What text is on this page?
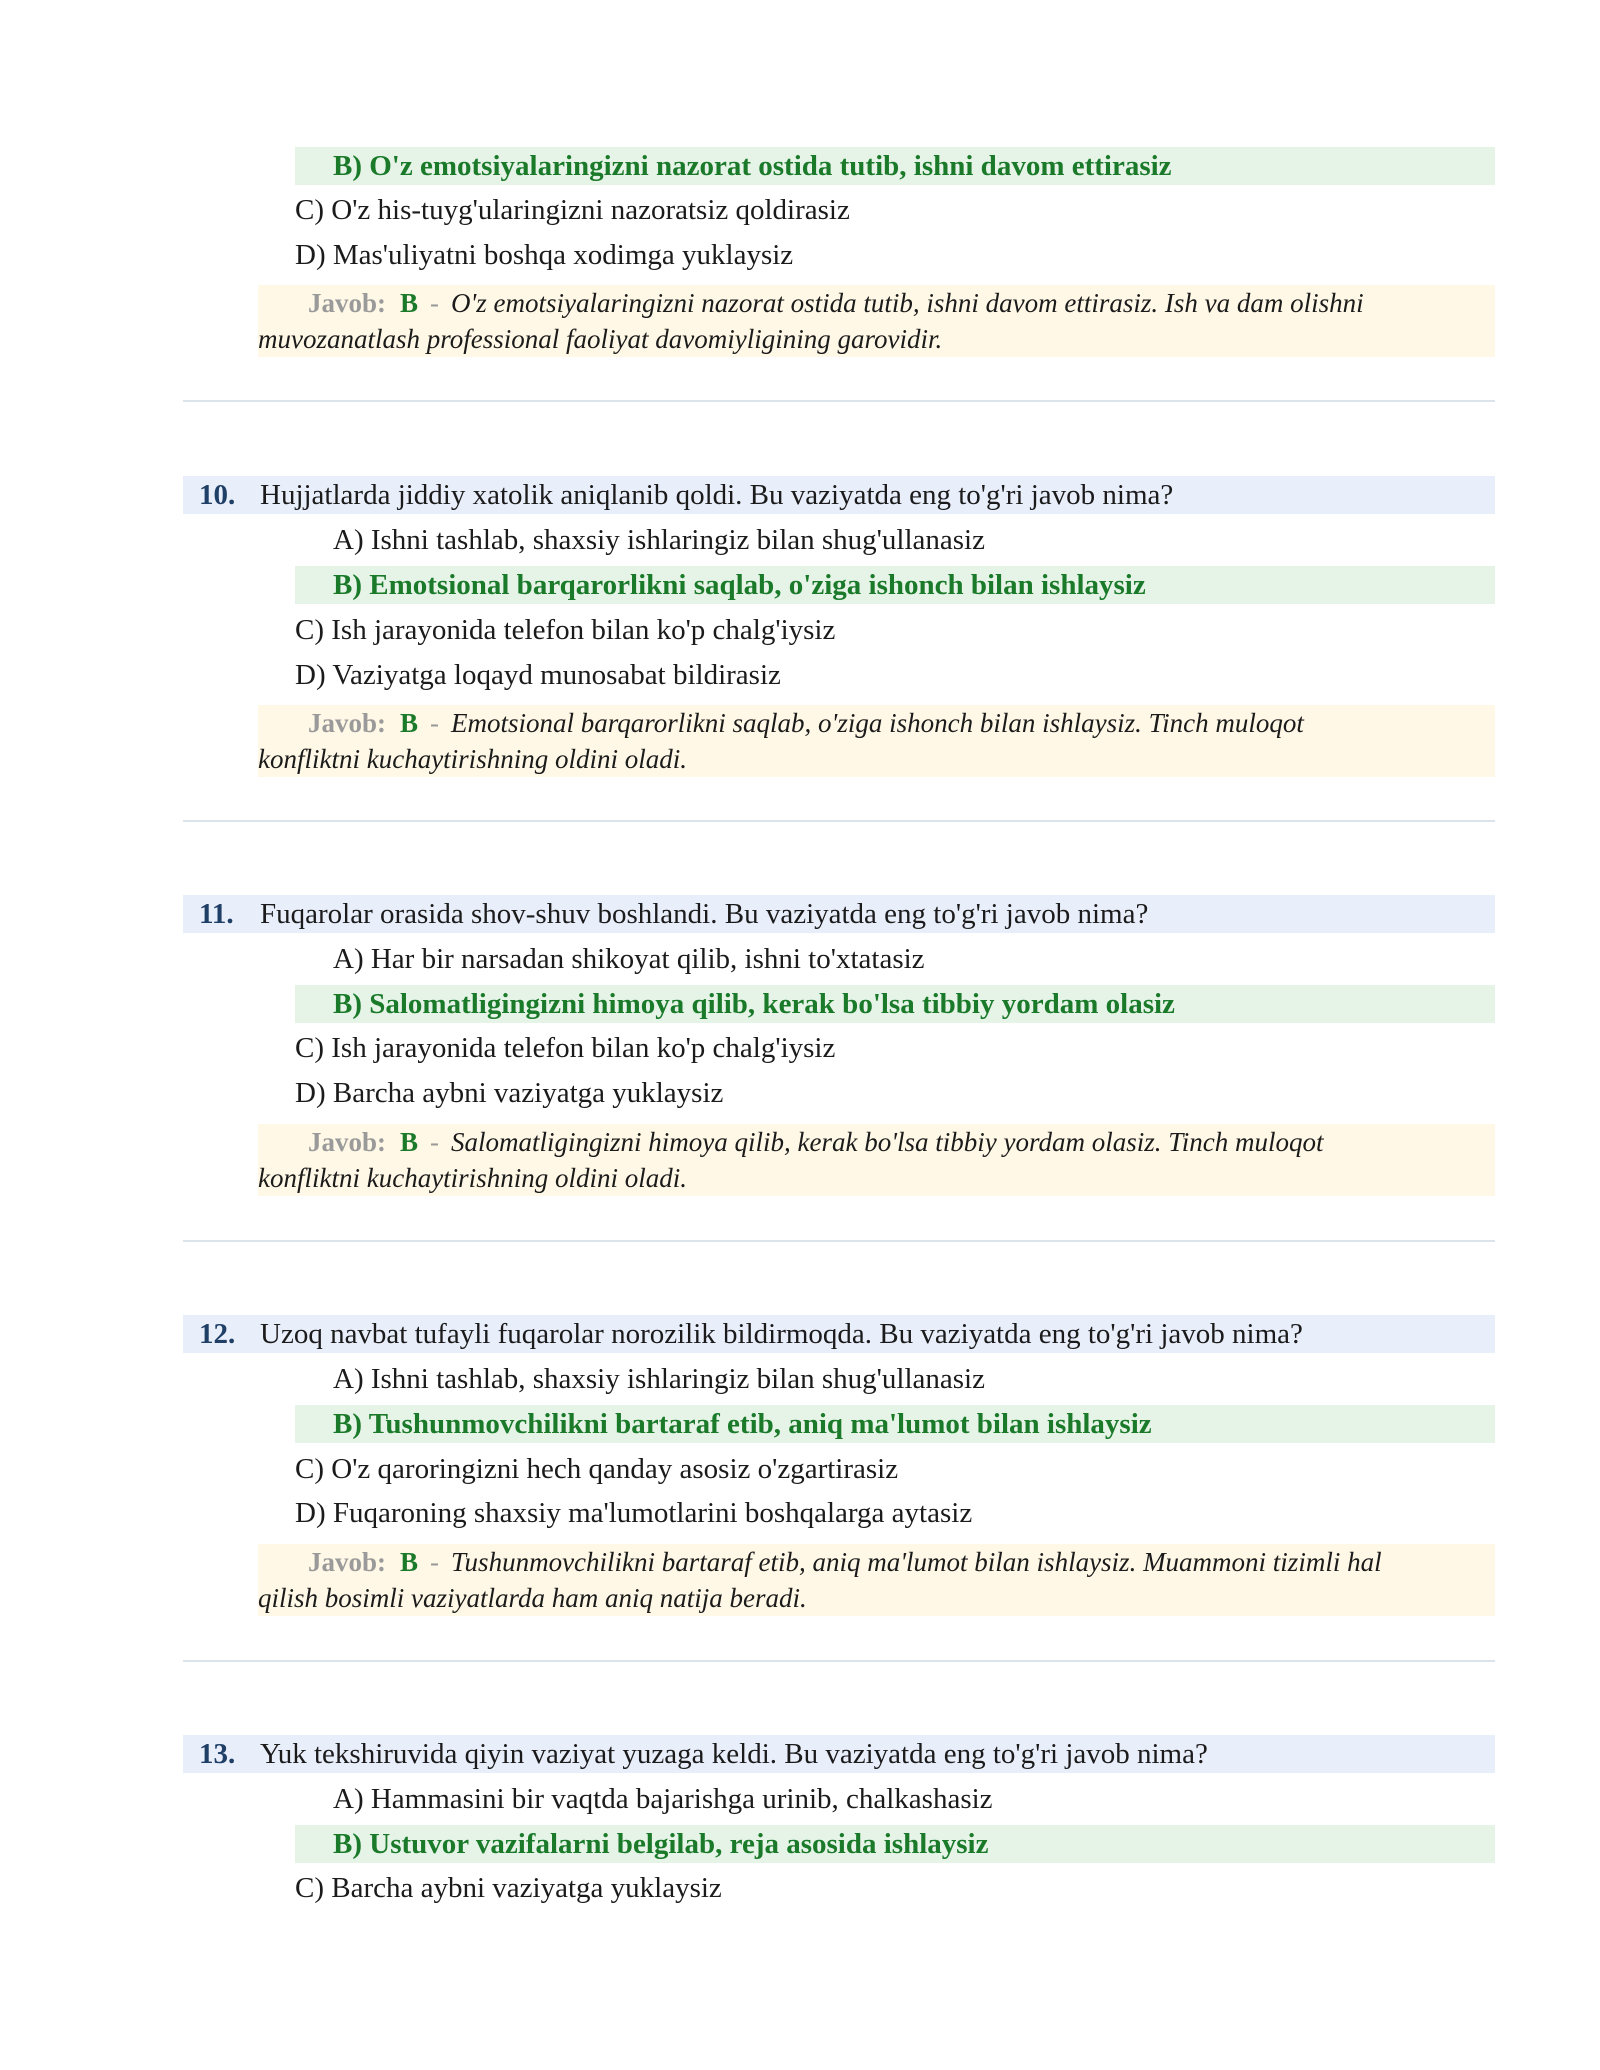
B) O'z emotsiyalaringizni nazorat ostida tutib, ishni davom ettirasiz
C) O'z his-tuyg'ularingizni nazoratsiz qoldirasiz
D) Mas'uliyatni boshqa xodimga yuklaysiz
Javob: B - O'z emotsiyalaringizni nazorat ostida tutib, ishni davom ettirasiz. Ish va dam olishni
muvozanatlash professional faoliyat davomiyligining garovidir.
10. Hujjatlarda jiddiy xatolik aniqlanib qoldi. Bu vaziyatda eng to'g'ri javob nima?
A) Ishni tashlab, shaxsiy ishlaringiz bilan shug'ullanasiz
B) Emotsional barqarorlikni saqlab, o'ziga ishonch bilan ishlaysiz
C) Ish jarayonida telefon bilan ko'p chalg'iysiz
D) Vaziyatga loqayd munosabat bildirasiz
Javob: B - Emotsional barqarorlikni saqlab, o'ziga ishonch bilan ishlaysiz. Tinch muloqot
konfliktni kuchaytirishning oldini oladi.
11. Fuqarolar orasida shov-shuv boshlandi. Bu vaziyatda eng to'g'ri javob nima?
A) Har bir narsadan shikoyat qilib, ishni to'xtatasiz
B) Salomatligingizni himoya qilib, kerak bo'lsa tibbiy yordam olasiz
C) Ish jarayonida telefon bilan ko'p chalg'iysiz
D) Barcha aybni vaziyatga yuklaysiz
Javob: B - Salomatligingizni himoya qilib, kerak bo'lsa tibbiy yordam olasiz. Tinch muloqot
konfliktni kuchaytirishning oldini oladi.
12. Uzoq navbat tufayli fuqarolar norozilik bildirmoqda. Bu vaziyatda eng to'g'ri javob nima?
A) Ishni tashlab, shaxsiy ishlaringiz bilan shug'ullanasiz
B) Tushunmovchilikni bartaraf etib, aniq ma'lumot bilan ishlaysiz
C) O'z qaroringizni hech qanday asosiz o'zgartirasiz
D) Fuqaroning shaxsiy ma'lumotlarini boshqalarga aytasiz
Javob: B - Tushunmovchilikni bartaraf etib, aniq ma'lumot bilan ishlaysiz. Muammoni tizimli hal
qilish bosimli vaziyatlarda ham aniq natija beradi.
13. Yuk tekshiruvida qiyin vaziyat yuzaga keldi. Bu vaziyatda eng to'g'ri javob nima?
A) Hammasini bir vaqtda bajarishga urinib, chalkashasiz
B) Ustuvor vazifalarni belgilab, reja asosida ishlaysiz
C) Barcha aybni vaziyatga yuklaysiz
